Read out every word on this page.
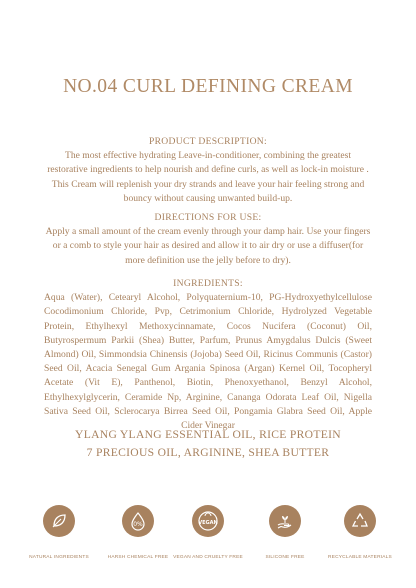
NO.04 CURL DEFINING CREAM
PRODUCT DESCRIPTION:

The most effective hydrating Leave-in-conditioner, combining the greatest restorative ingredients to help nourish and define curls, as well as lock-in moisture . This Cream will replenish your dry strands and leave your hair feeling strong and bouncy without causing unwanted build-up.

DIRECTIONS FOR USE:

Apply a small amount of the cream evenly through your damp hair. Use your fingers or a comb to style your hair as desired and allow it to air dry or use a diffuser(for more definition use the jelly before to dry).

INGREDIENTS:

Aqua (Water), Cetearyl Alcohol, Polyquaternium-10, PG-Hydroxyethylcellulose Cocodimonium Chloride, Pvp, Cetrimonium Chloride, Hydrolyzed Vegetable Protein, Ethylhexyl Methoxycinnamate, Cocos Nucifera (Coconut) Oil, Butyrospermum Parkii (Shea) Butter, Parfum, Prunus Amygdalus Dulcis (Sweet Almond) Oil, Simmondsia Chinensis (Jojoba) Seed Oil, Ricinus Communis (Castor) Seed Oil, Acacia Senegal Gum Argania Spinosa (Argan) Kernel Oil, Tocopheryl Acetate (Vit E), Panthenol, Biotin, Phenoxyethanol, Benzyl Alcohol, Ethylhexylglycerin, Ceramide Np, Arginine, Cananga Odorata Leaf Oil, Nigella Sativa Seed Oil, Sclerocarya Birrea Seed Oil, Pongamia Glabra Seed Oil, Apple Cider Vinegar

YLANG YLANG ESSENTIAL OIL, RICE PROTEIN
7 PRECIOUS OIL, ARGININE, SHEA BUTTER
NATURAL INGREDIENTS
0%
HARSH CHEMICAL FREE
VEGAN
VEGAN AND CRUELTY FREE	SILICONE FREE	RECYCLABLE MATERIALS
